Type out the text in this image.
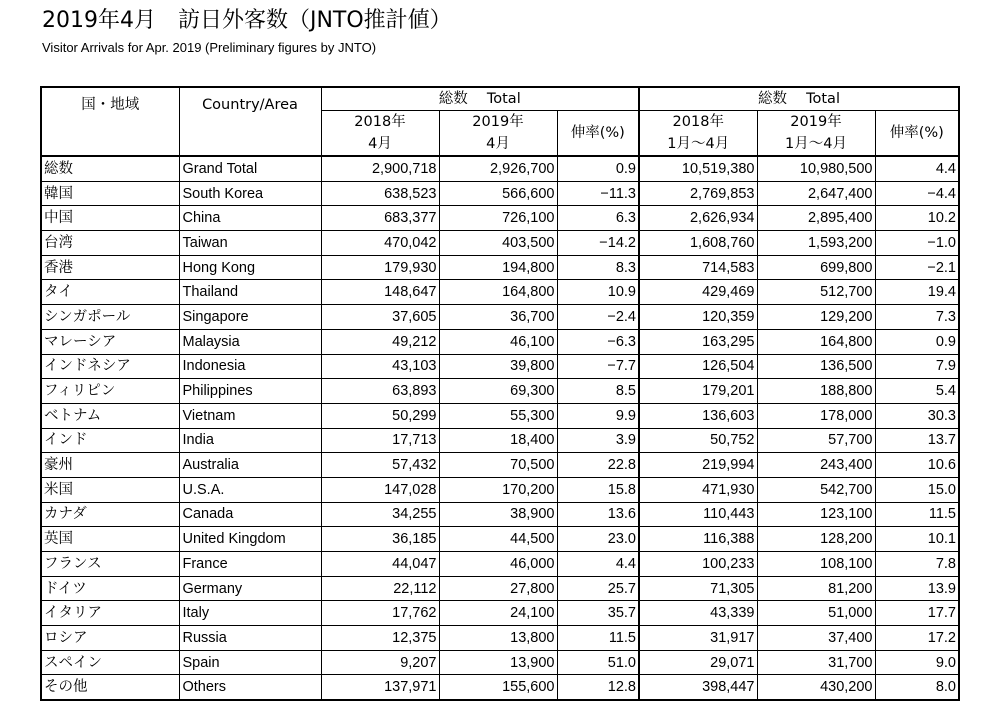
2019年4月　訪日外客数（JNTO推計値）
Visitor Arrivals for Apr. 2019 (Preliminary figures by JNTO)
国・地域	Country/Area	総数　 Total			総数　 Total		
		2018年	2019年	伸率(%)	2018年	2019年	伸率(%)
		4月	4月		1月～4月	1月～4月	
総数	Grand Total	2,900,718	2,926,700	0.9	10,519,380	10,980,500	4.4
韓国	South Korea	638,523	566,600	−11.3	2,769,853	2,647,400	−4.4
中国	China	683,377	726,100	6.3	2,626,934	2,895,400	10.2
台湾	Taiwan	470,042	403,500	−14.2	1,608,760	1,593,200	−1.0
香港	Hong Kong	179,930	194,800	8.3	714,583	699,800	−2.1
タイ	Thailand	148,647	164,800	10.9	429,469	512,700	19.4
シンガポール	Singapore	37,605	36,700	−2.4	120,359	129,200	7.3
マレーシア	Malaysia	49,212	46,100	−6.3	163,295	164,800	0.9
インドネシア	Indonesia	43,103	39,800	−7.7	126,504	136,500	7.9
フィリピン	Philippines	63,893	69,300	8.5	179,201	188,800	5.4
ベトナム	Vietnam	50,299	55,300	9.9	136,603	178,000	30.3
インド	India	17,713	18,400	3.9	50,752	57,700	13.7
豪州	Australia	57,432	70,500	22.8	219,994	243,400	10.6
米国	U.S.A.	147,028	170,200	15.8	471,930	542,700	15.0
カナダ	Canada	34,255	38,900	13.6	110,443	123,100	11.5
英国	United Kingdom	36,185	44,500	23.0	116,388	128,200	10.1
フランス	France	44,047	46,000	4.4	100,233	108,100	7.8
ドイツ	Germany	22,112	27,800	25.7	71,305	81,200	13.9
イタリア	Italy	17,762	24,100	35.7	43,339	51,000	17.7
ロシア	Russia	12,375	13,800	11.5	31,917	37,400	17.2
スペイン	Spain	9,207	13,900	51.0	29,071	31,700	9.0
その他	Others	137,971	155,600	12.8	398,447	430,200	8.0
